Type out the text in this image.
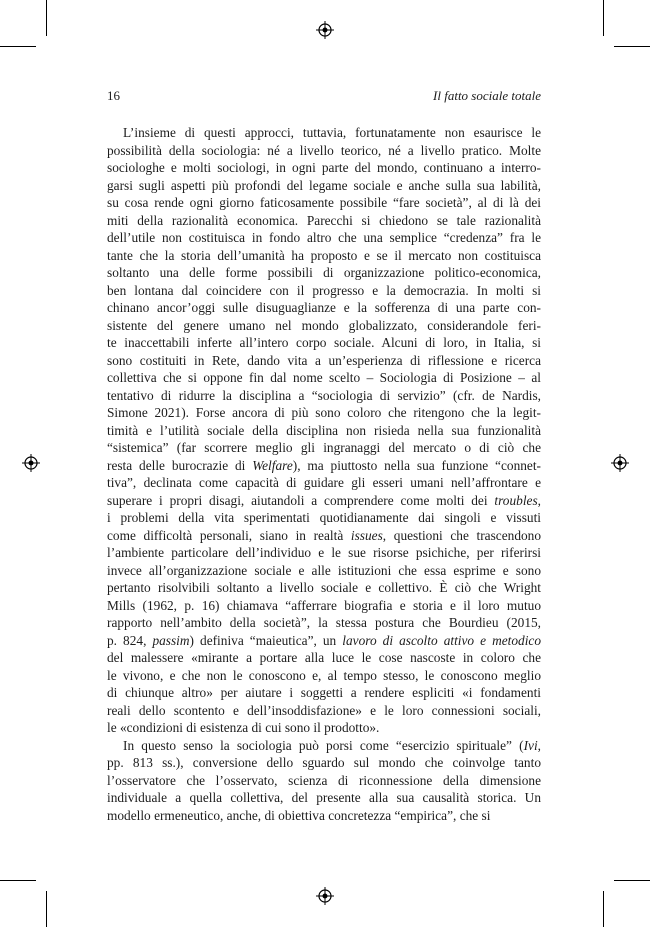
16	Il fatto sociale totale
L’insieme di questi approcci, tuttavia, fortunatamente non esaurisce le
possibilità della sociologia: né a livello teorico, né a livello pratico. Molte
sociologhe e molti sociologi, in ogni parte del mondo, continuano a interro-
garsi sugli aspetti più profondi del legame sociale e anche sulla sua labilità,
su cosa rende ogni giorno faticosamente possibile “fare società”, al di là dei
miti della razionalità economica. Parecchi si chiedono se tale razionalità
dell’utile non costituisca in fondo altro che una semplice “credenza” fra le
tante che la storia dell’umanità ha proposto e se il mercato non costituisca
soltanto una delle forme possibili di organizzazione politico-economica,
ben lontana dal coincidere con il progresso e la democrazia. In molti si
chinano ancor’oggi sulle disuguaglianze e la sofferenza di una parte con-
sistente del genere umano nel mondo globalizzato, considerandole feri-
te inaccettabili inferte all’intero corpo sociale. Alcuni di loro, in Italia, si
sono costituiti in Rete, dando vita a un’esperienza di riflessione e ricerca
collettiva che si oppone fin dal nome scelto – Sociologia di Posizione – al
tentativo di ridurre la disciplina a “sociologia di servizio” (cfr. de Nardis,
Simone 2021). Forse ancora di più sono coloro che ritengono che la legit-
timità e l’utilità sociale della disciplina non risieda nella sua funzionalità
“sistemica” (far scorrere meglio gli ingranaggi del mercato o di ciò che
resta delle burocrazie di Welfare), ma piuttosto nella sua funzione “connet-
tiva”, declinata come capacità di guidare gli esseri umani nell’affrontare e
superare i propri disagi, aiutandoli a comprendere come molti dei troubles,
i problemi della vita sperimentati quotidianamente dai singoli e vissuti
come difficoltà personali, siano in realtà issues, questioni che trascendono
l’ambiente particolare dell’individuo e le sue risorse psichiche, per riferirsi
invece all’organizzazione sociale e alle istituzioni che essa esprime e sono
pertanto risolvibili soltanto a livello sociale e collettivo. È ciò che Wright
Mills (1962, p. 16) chiamava “afferrare biografia e storia e il loro mutuo
rapporto nell’ambito della società”, la stessa postura che Bourdieu (2015,
p. 824, passim) definiva “maieutica”, un lavoro di ascolto attivo e metodico
del malessere «mirante a portare alla luce le cose nascoste in coloro che
le vivono, e che non le conoscono e, al tempo stesso, le conoscono meglio
di chiunque altro» per aiutare i soggetti a rendere espliciti «i fondamenti
reali dello scontento e dell’insoddisfazione» e le loro connessioni sociali,
le «condizioni di esistenza di cui sono il prodotto».
In questo senso la sociologia può porsi come “esercizio spirituale” (Ivi,
pp. 813 ss.), conversione dello sguardo sul mondo che coinvolge tanto
l’osservatore che l’osservato, scienza di riconnessione della dimensione
individuale a quella collettiva, del presente alla sua causalità storica. Un
modello ermeneutico, anche, di obiettiva concretezza “empirica”, che si
